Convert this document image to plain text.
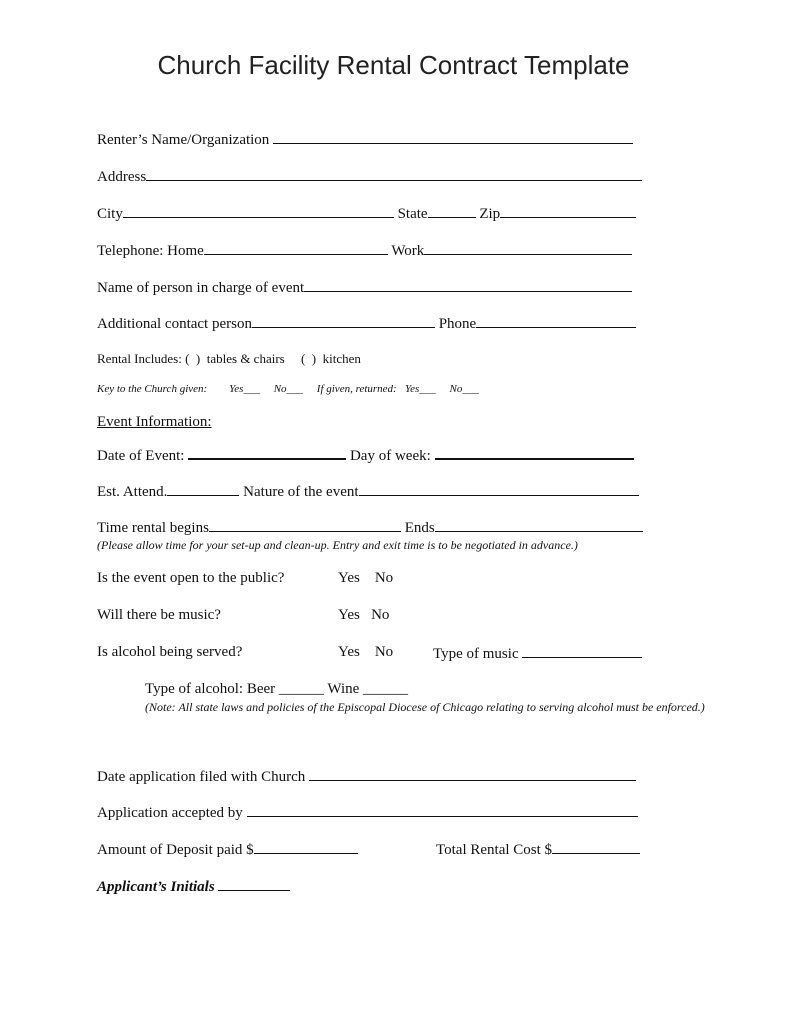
Church Facility Rental Contract Template
Renter’s Name/Organization
Address
City	State	Zip
Telephone: Home	Work
Name of person in charge of event
Additional contact person	Phone
Rental Includes: (  )  tables & chairs     (  )  kitchen
Key to the Church given:        Yes___     No___     If given, returned:   Yes___     No___
Event Information:
Date of Event:	Day of week:
Est. Attend.	Nature of the event
Time rental begins	Ends
(Please allow time for your set-up and clean-up. Entry and exit time is to be negotiated in advance.)
Is the event open to the public?	Yes    No
Will there be music?	Yes   No
Is alcohol being served?	Yes    No	Type of music
Type of alcohol: Beer ______ Wine ______
(Note: All state laws and policies of the Episcopal Diocese of Chicago relating to serving alcohol must be enforced.)
Date application filed with Church
Application accepted by
Amount of Deposit paid $	Total Rental Cost $
Applicant’s Initials
